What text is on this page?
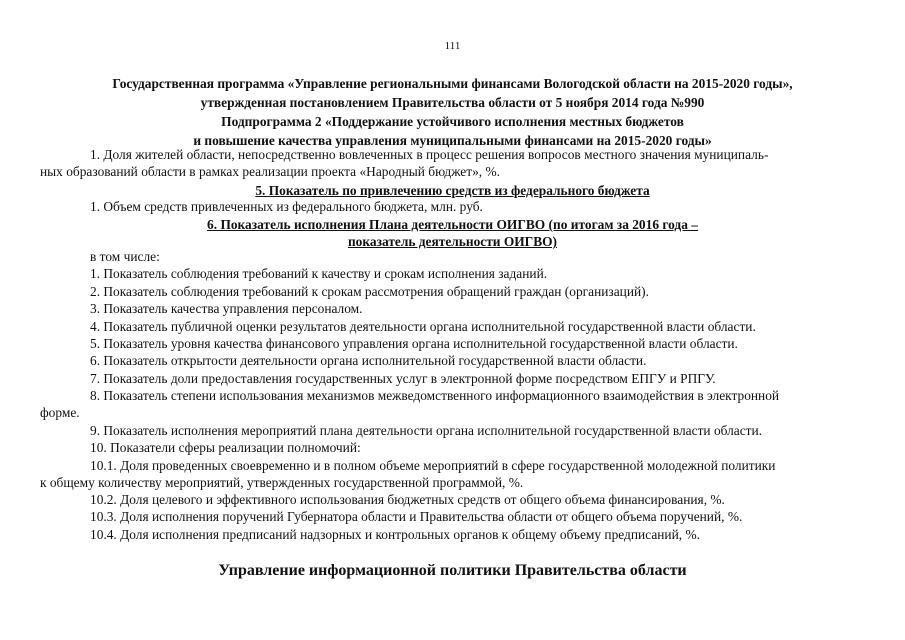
111
Государственная программа «Управление региональными финансами Вологодской области на 2015-2020 годы»,
утвержденная постановлением Правительства области от 5 ноября 2014 года №990
Подпрограмма 2 «Поддержание устойчивого исполнения местных бюджетов
и повышение качества управления муниципальными финансами на 2015-2020 годы»
1. Доля жителей области, непосредственно вовлеченных в процесс решения вопросов местного значения муниципаль-
ных образований области в рамках реализации проекта «Народный бюджет», %.
5. Показатель по привлечению средств из федерального бюджета
1. Объем средств привлеченных из федерального бюджета, млн. руб.
6. Показатель исполнения Плана деятельности ОИГВО (по итогам за 2016 года –
показатель деятельности ОИГВО)
в том числе:
1. Показатель соблюдения требований к качеству и срокам исполнения заданий.
2. Показатель соблюдения требований к срокам рассмотрения обращений граждан (организаций).
3. Показатель качества управления персоналом.
4. Показатель публичной оценки результатов деятельности органа исполнительной государственной власти области.
5. Показатель уровня качества финансового управления органа исполнительной государственной власти области.
6. Показатель открытости деятельности органа исполнительной государственной власти области.
7. Показатель доли предоставления государственных услуг в электронной форме посредством ЕПГУ и РПГУ.
8. Показатель степени использования механизмов межведомственного информационного взаимодействия в электронной
форме.
9. Показатель исполнения мероприятий плана деятельности органа исполнительной государственной власти области.
10. Показатели сферы реализации полномочий:
10.1. Доля проведенных своевременно и в полном объеме мероприятий в сфере государственной молодежной политики
к общему количеству мероприятий, утвержденных государственной программой, %.
10.2. Доля целевого и эффективного использования бюджетных средств от общего объема финансирования, %.
10.3. Доля исполнения поручений Губернатора области и Правительства области от общего объема поручений, %.
10.4. Доля исполнения предписаний надзорных и контрольных органов к общему объему предписаний, %.
Управление информационной политики Правительства области
